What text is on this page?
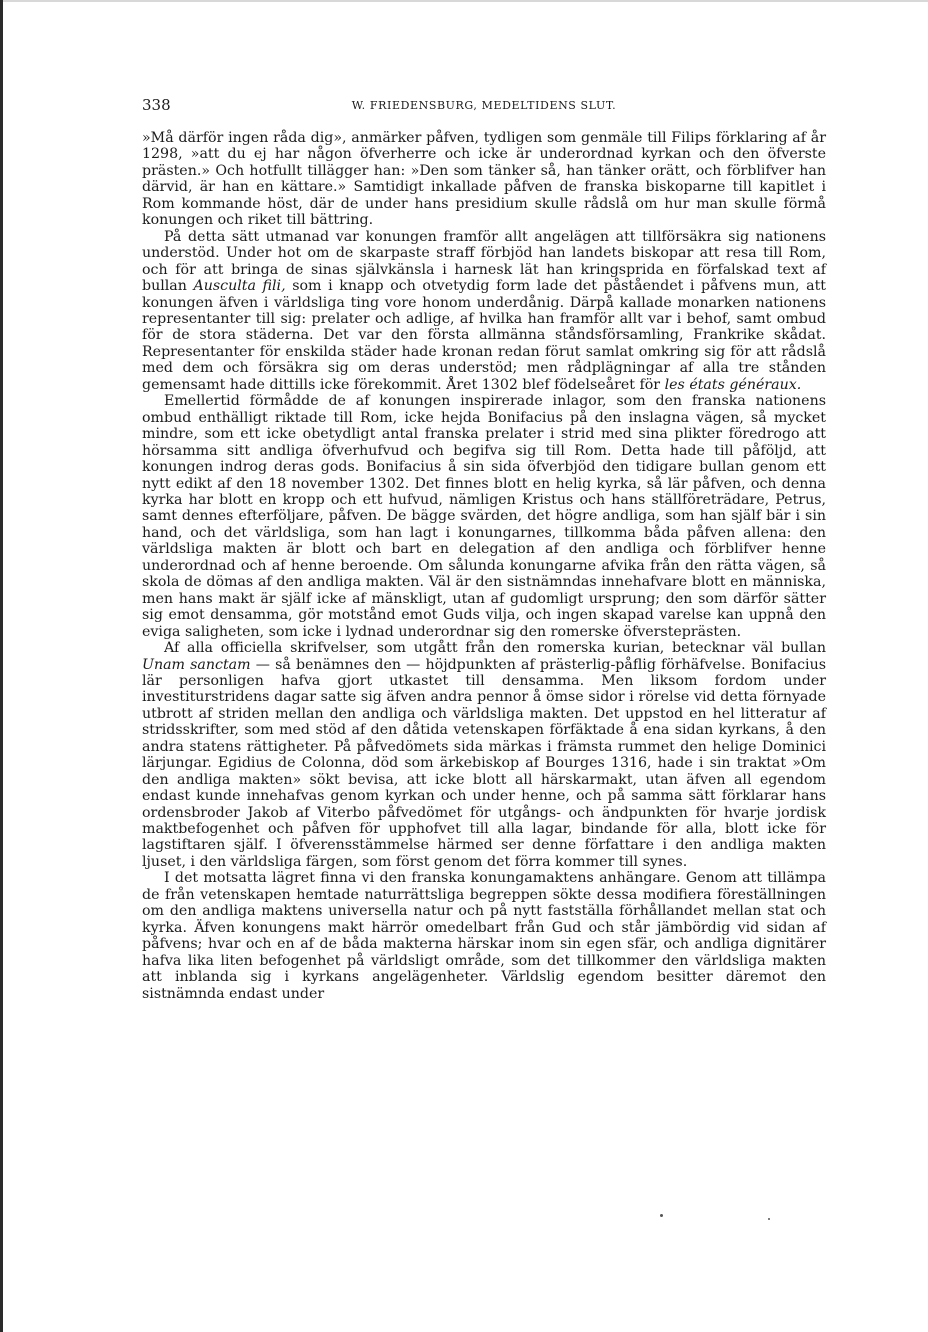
338	W. FRIEDENSBURG, MEDELTIDENS SLUT.

»Må därför ingen råda dig», anmärker påfven, tydligen som genmäle till Filips förklaring af år 1298, »att du ej har någon öfverherre och icke är underordnad kyrkan och den öfverste prästen.» Och hotfullt tillägger han: »Den som tänker så, han tänker orätt, och förblifver han därvid, är han en kättare.» Samtidigt inkallade påfven de franska biskoparne till kapitlet i Rom kommande höst, där de under hans presidium skulle rådslå om hur man skulle förmå konungen och riket till bättring.

På detta sätt utmanad var konungen framför allt angelägen att tillförsäkra sig nationens understöd. Under hot om de skarpaste straff förbjöd han landets biskopar att resa till Rom, och för att bringa de sinas självkänsla i harnesk lät han kringsprida en förfalskad text af bullan Ausculta fili, som i knapp och otvetydig form lade det påståendet i påfvens mun, att konungen äfven i världsliga ting vore honom underdånig. Därpå kallade monarken nationens representanter till sig: prelater och adlige, af hvilka han framför allt var i behof, samt ombud för de stora städerna. Det var den första allmänna ståndsförsamling, Frankrike skådat. Representanter för enskilda städer hade kronan redan förut samlat omkring sig för att rådslå med dem och försäkra sig om deras understöd; men rådplägningar af alla tre stånden gemensamt hade dittills icke förekommit. Året 1302 blef födelseåret för les états généraux.

Emellertid förmådde de af konungen inspirerade inlagor, som den franska nationens ombud enthälligt riktade till Rom, icke hejda Bonifacius på den inslagna vägen, så mycket mindre, som ett icke obetydligt antal franska prelater i strid med sina plikter föredrogo att hörsamma sitt andliga öfverhufvud och begifva sig till Rom. Detta hade till påföljd, att konungen indrog deras gods. Bonifacius å sin sida öfverbjöd den tidigare bullan genom ett nytt edikt af den 18 november 1302. Det finnes blott en helig kyrka, så lär påfven, och denna kyrka har blott en kropp och ett hufvud, nämligen Kristus och hans ställföreträdare, Petrus, samt dennes efterföljare, påfven. De bägge svärden, det högre andliga, som han själf bär i sin hand, och det världsliga, som han lagt i konungarnes, tillkomma båda påfven allena: den världsliga makten är blott och bart en delegation af den andliga och förblifver henne underordnad och af henne beroende. Om sålunda konungarne afvika från den rätta vägen, så skola de dömas af den andliga makten. Väl är den sistnämndas innehafvare blott en människa, men hans makt är själf icke af mänskligt, utan af gudomligt ursprung; den som därför sätter sig emot densamma, gör motstånd emot Guds vilja, och ingen skapad varelse kan uppnå den eviga saligheten, som icke i lydnad underordnar sig den romerske öfversteprästen.

Af alla officiella skrifvelser, som utgått från den romerska kurian, betecknar väl bullan Unam sanctam — så benämnes den — höjdpunkten af prästerlig-påflig förhäfvelse. Bonifacius lär personligen hafva gjort utkastet till densamma. Men liksom fordom under investiturstridens dagar satte sig äfven andra pennor å ömse sidor i rörelse vid detta förnyade utbrott af striden mellan den andliga och världsliga makten. Det uppstod en hel litteratur af stridsskrifter, som med stöd af den dåtida vetenskapen förfäktade å ena sidan kyrkans, å den andra statens rättigheter. På påfvedömets sida märkas i främsta rummet den helige Dominici lärjungar. Egidius de Colonna, död som ärkebiskop af Bourges 1316, hade i sin traktat »Om den andliga makten» sökt bevisa, att icke blott all härskarmakt, utan äfven all egendom endast kunde innehafvas genom kyrkan och under henne, och på samma sätt förklarar hans ordensbroder Jakob af Viterbo påfvedömet för utgångs- och ändpunkten för hvarje jordisk maktbefogenhet och påfven för upphofvet till alla lagar, bindande för alla, blott icke för lagstiftaren själf. I öfverensstämmelse härmed ser denne författare i den andliga makten ljuset, i den världsliga färgen, som först genom det förra kommer till synes.

I det motsatta lägret finna vi den franska konungamaktens anhängare. Genom att tillämpa de från vetenskapen hemtade naturrättsliga begreppen sökte dessa modifiera föreställningen om den andliga maktens universella natur och på nytt fastställa förhållandet mellan stat och kyrka. Äfven konungens makt härrör omedelbart från Gud och står jämbördig vid sidan af påfvens; hvar och en af de båda makterna härskar inom sin egen sfär, och andliga dignitärer hafva lika liten befogenhet på världsligt område, som det tillkommer den världsliga makten att inblanda sig i kyrkans angelägenheter. Världslig egendom besitter däremot den sistnämnda endast under
